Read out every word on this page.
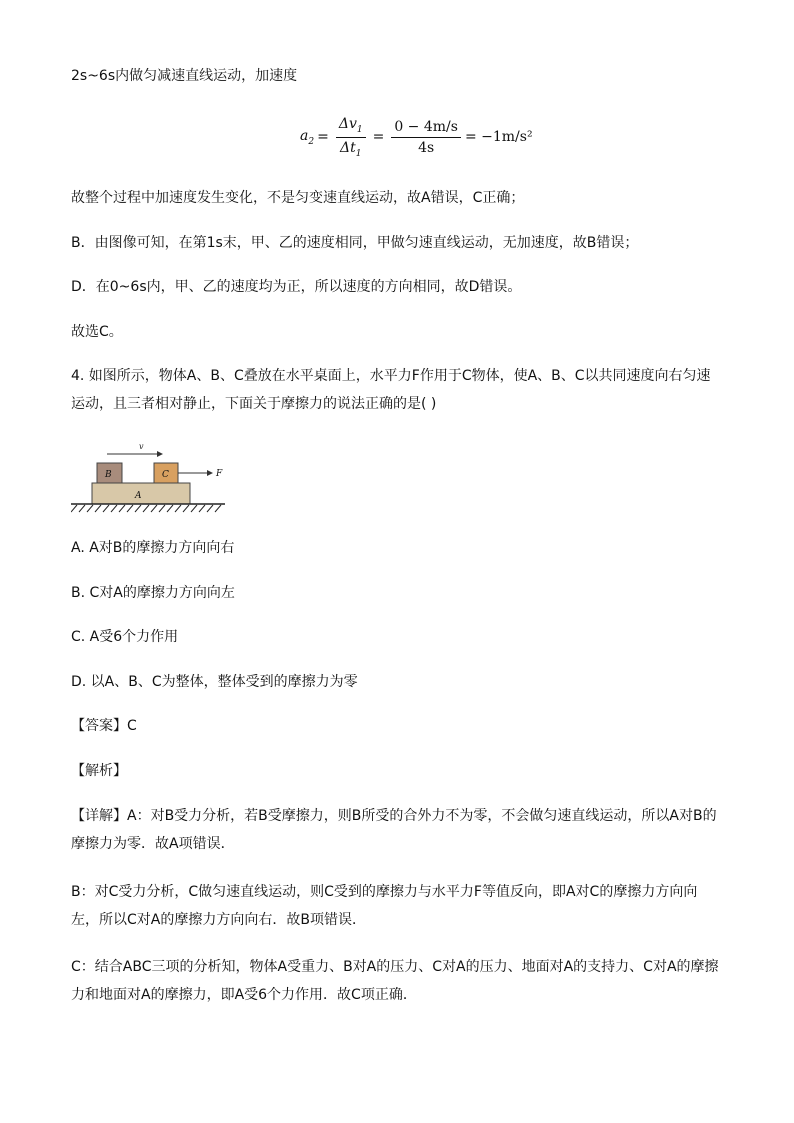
2s~6s内做匀减速直线运动，加速度
$a_2 = \frac{\Delta v_1}{\Delta t_1} = \frac{0 - 4m/s}{4s} = -1m/s^2$
故整个过程中加速度发生变化，不是匀变速直线运动，故A错误，C正确；
B．由图像可知，在第1s末，甲、乙的速度相同，甲做匀速直线运动，无加速度，故B错误；
D．在0~6s内，甲、乙的速度均为正，所以速度的方向相同，故D错误。
故选C。
4. 如图所示，物体A、B、C叠放在水平桌面上，水平力F作用于C物体，使A、B、C以共同速度向右匀速运动，且三者相对静止，下面关于摩擦力的说法正确的是( )
v
B	C	F
A
A. A对B的摩擦力方向向右
B. C对A的摩擦力方向向左
C. A受6个力作用
D. 以A、B、C为整体，整体受到的摩擦力为零
【答案】C
【解析】
【详解】A：对B受力分析，若B受摩擦力，则B所受的合外力不为零，不会做匀速直线运动，所以A对B的摩擦力为零．故A项错误．
B：对C受力分析，C做匀速直线运动，则C受到的摩擦力与水平力F等值反向，即A对C的摩擦力方向向左，所以C对A的摩擦力方向向右．故B项错误．
C：结合ABC三项的分析知，物体A受重力、B对A的压力、C对A的压力、地面对A的支持力、C对A的摩擦力和地面对A的摩擦力，即A受6个力作用．故C项正确．
